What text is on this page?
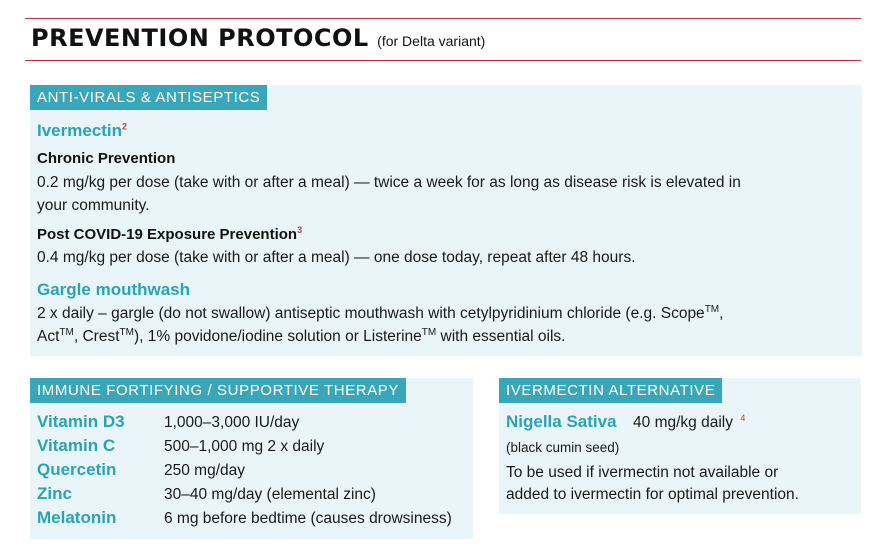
PREVENTION PROTOCOL (for Delta variant)
ANTI-VIRALS & ANTISEPTICS
Ivermectin$^2$
Chronic Prevention
0.2 mg/kg per dose (take with or after a meal) — twice a week for as long as disease risk is elevated in
your community.
Post COVID-19 Exposure Prevention$^3$
0.4 mg/kg per dose (take with or after a meal) — one dose today, repeat after 48 hours.
Gargle mouthwash
2 x daily – gargle (do not swallow) antiseptic mouthwash with cetylpyridinium chloride (e.g. Scope™,
Act™, Crest™), 1% povidone/iodine solution or Listerine™ with essential oils.
IMMUNE FORTIFYING / SUPPORTIVE THERAPY
Vitamin D3	1,000–3,000 IU/day
Vitamin C	500–1,000 mg 2 x daily
Quercetin	250 mg/day
Zinc	30–40 mg/day (elemental zinc)
Melatonin	6 mg before bedtime (causes drowsiness)
IVERMECTIN ALTERNATIVE
Nigella Sativa 40 mg/kg daily $^4$
(black cumin seed)
To be used if ivermectin not available or
added to ivermectin for optimal prevention.
